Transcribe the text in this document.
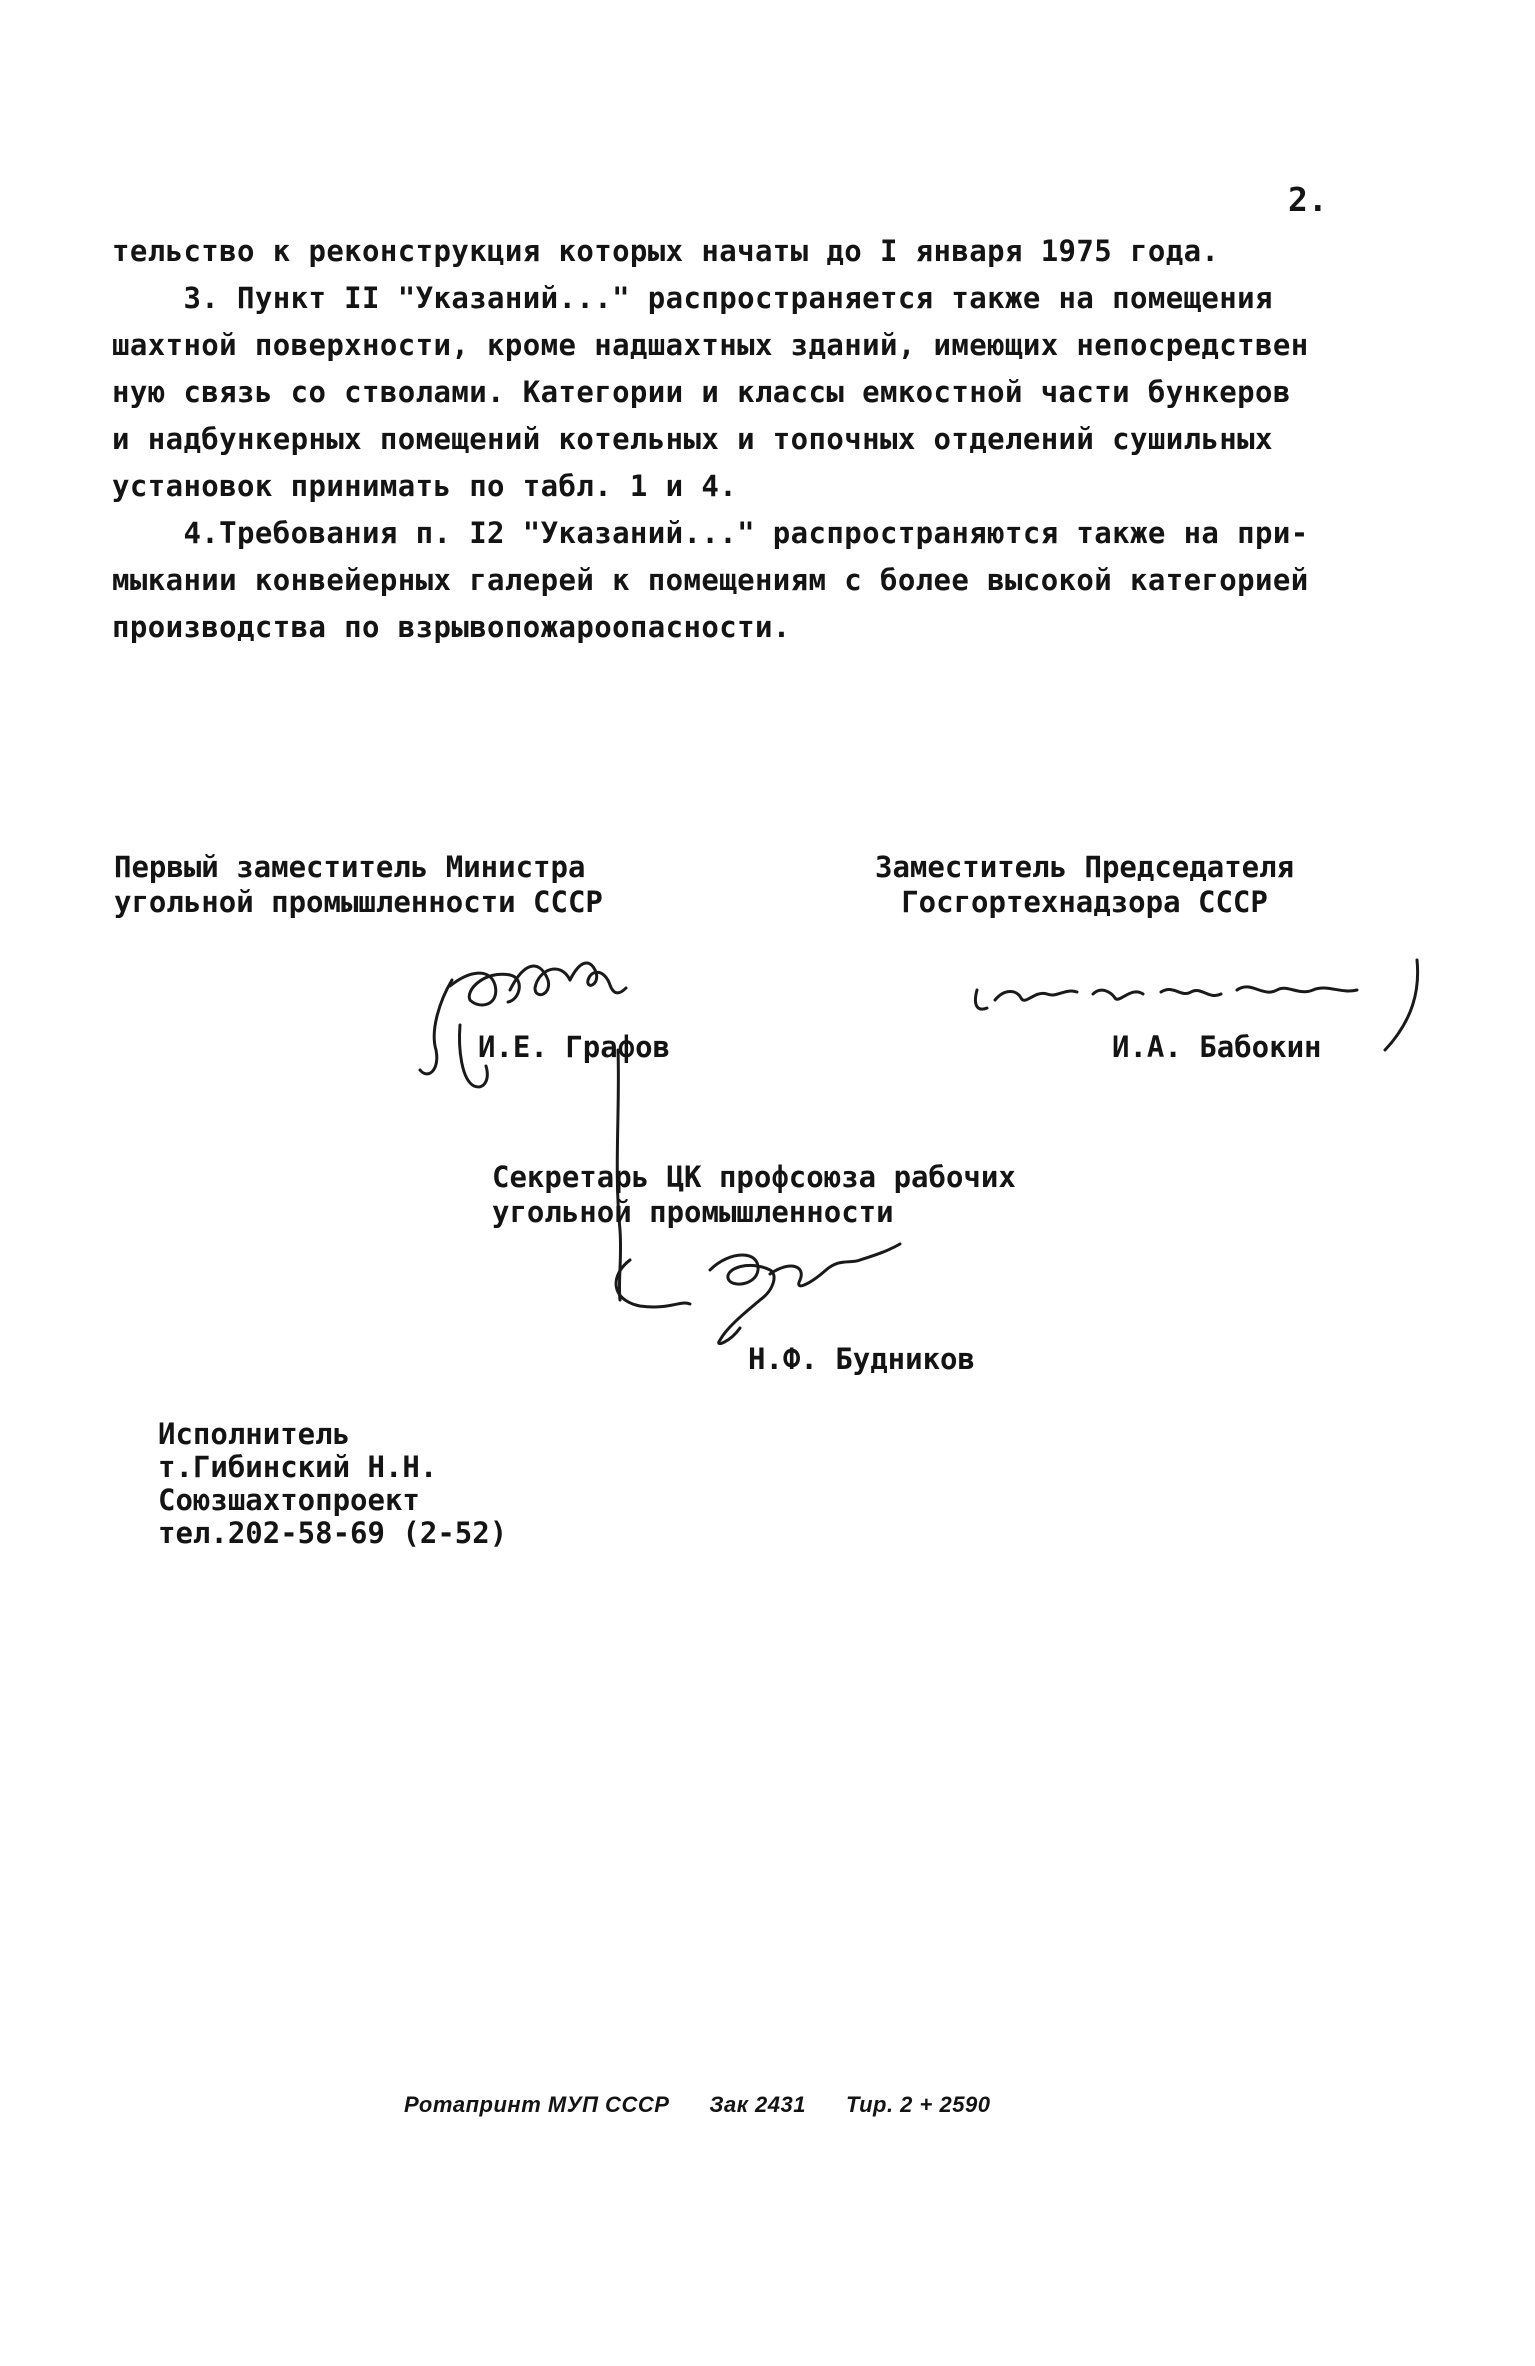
2.
тельство к реконструкция которых начаты до I января 1975 года.
3. Пункт II "Указаний..." распространяется также на помещения
шахтной поверхности, кроме надшахтных зданий, имеющих непосредствен
ную связь со стволами. Категории и классы емкостной части бункеров
и надбункерных помещений котельных и топочных отделений сушильных
установок принимать по табл. 1 и 4.
4.Требования п. I2 "Указаний..." распространяются также на при-
мыкании конвейерных галерей к помещениям с более высокой категорией
производства по взрывопожароопасности.
Первый заместитель Министра
угольной промышленности СССР
И.Е. Графов
Заместитель Председателя
Госгортехнадзора СССР
И.А. Бабокин
Секретарь ЦК профсоюза рабочих
угольной промышленности
Н.Ф. Будников
Исполнитель
т.Гибинский Н.Н.
Союзшахтопроект
тел.202-58-69 (2-52)
Ротапринт МУП СССР Зак 2431 Тир. 2 + 2590
